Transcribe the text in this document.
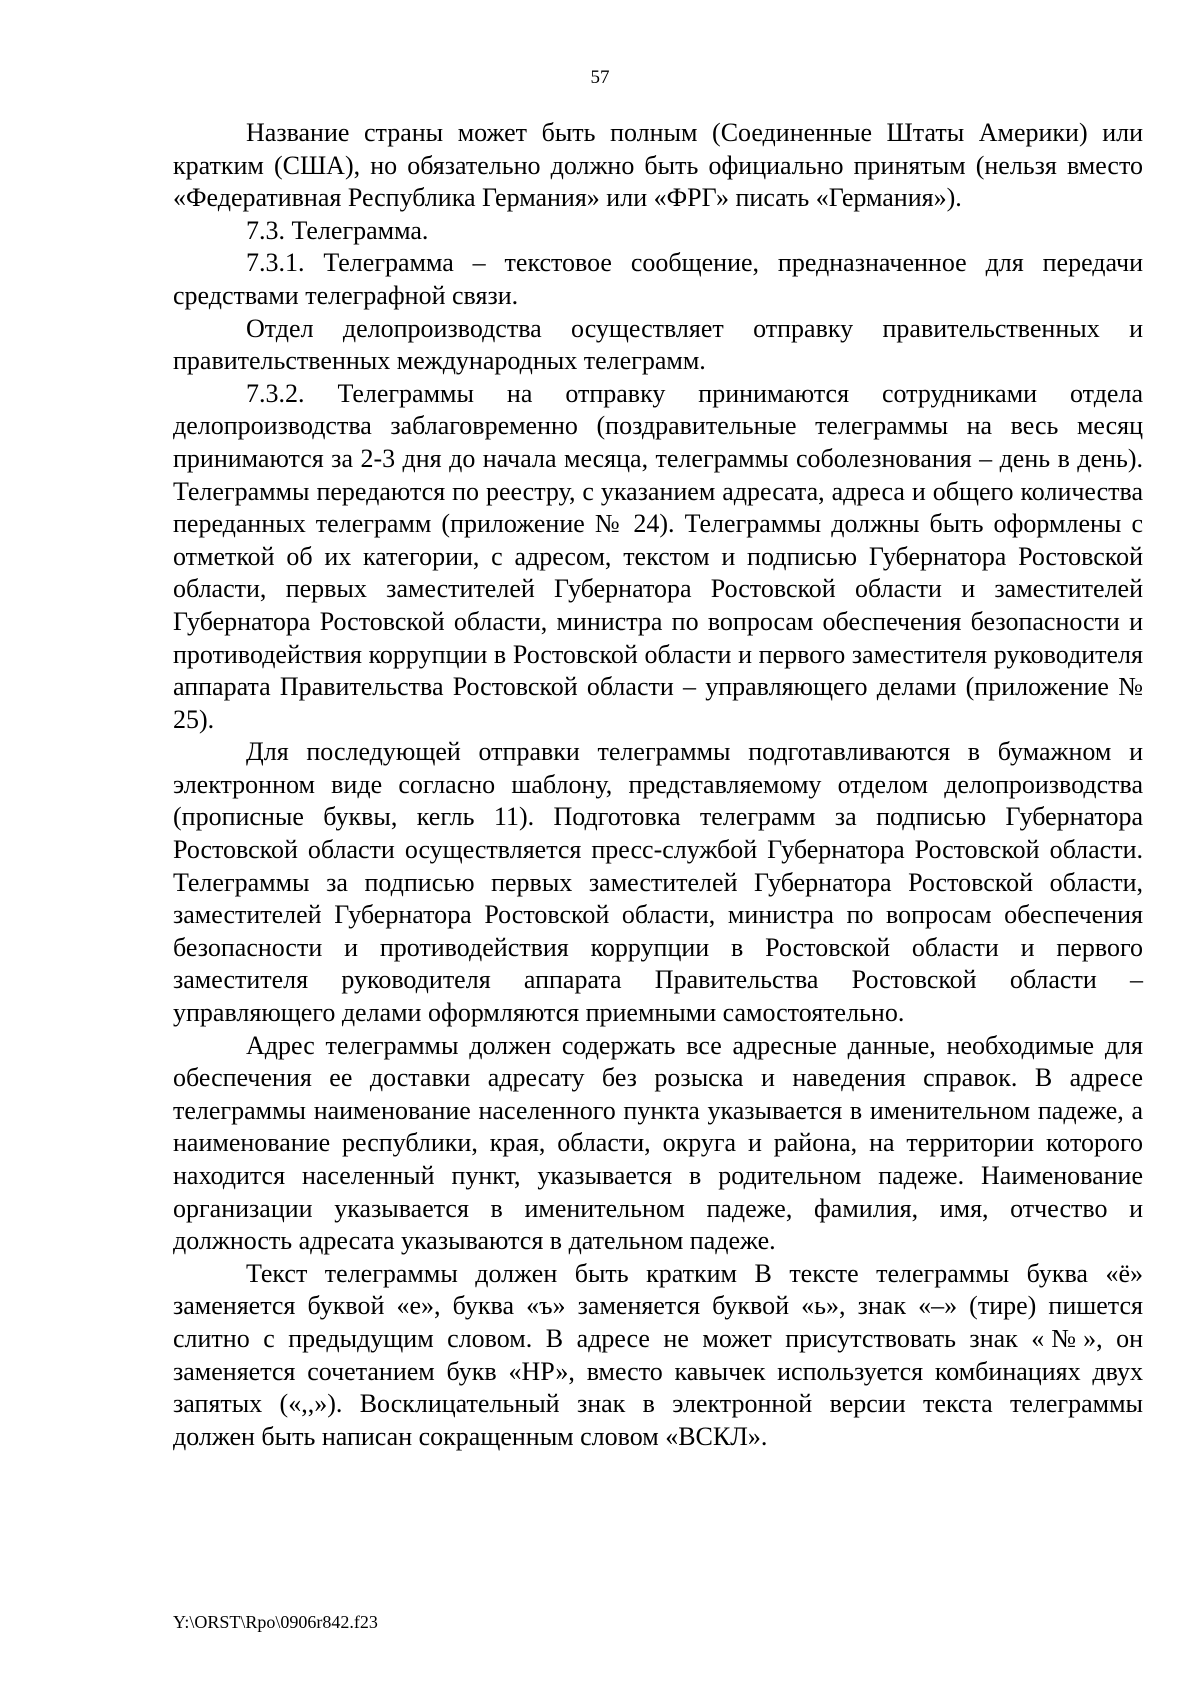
57

Название страны может быть полным (Соединенные Штаты Америки) или кратким (США), но обязательно должно быть официально принятым (нельзя вместо «Федеративная Республика Германия» или «ФРГ» писать «Германия»).

7.3. Телеграмма.

7.3.1. Телеграмма – текстовое сообщение, предназначенное для передачи средствами телеграфной связи.

Отдел делопроизводства осуществляет отправку правительственных и правительственных международных телеграмм.

7.3.2. Телеграммы на отправку принимаются сотрудниками отдела делопроизводства заблаговременно (поздравительные телеграммы на весь месяц принимаются за 2-3 дня до начала месяца, телеграммы соболезнования – день в день). Телеграммы передаются по реестру, с указанием адресата, адреса и общего количества переданных телеграмм (приложение № 24). Телеграммы должны быть оформлены с отметкой об их категории, с адресом, текстом и подписью Губернатора Ростовской области, первых заместителей Губернатора Ростовской области и заместителей Губернатора Ростовской области, министра по вопросам обеспечения безопасности и противодействия коррупции в Ростовской области и первого заместителя руководителя аппарата Правительства Ростовской области – управляющего делами (приложение № 25).

Для последующей отправки телеграммы подготавливаются в бумажном и электронном виде согласно шаблону, представляемому отделом делопроизводства (прописные буквы, кегль 11). Подготовка телеграмм за подписью Губернатора Ростовской области осуществляется пресс-службой Губернатора Ростовской области. Телеграммы за подписью первых заместителей Губернатора Ростовской области, заместителей Губернатора Ростовской области, министра по вопросам обеспечения безопасности и противодействия коррупции в Ростовской области и первого заместителя руководителя аппарата Правительства Ростовской области – управляющего делами оформляются приемными самостоятельно.

Адрес телеграммы должен содержать все адресные данные, необходимые для обеспечения ее доставки адресату без розыска и наведения справок. В адресе телеграммы наименование населенного пункта указывается в именительном падеже, а наименование республики, края, области, округа и района, на территории которого находится населенный пункт, указывается в родительном падеже. Наименование организации указывается в именительном падеже, фамилия, имя, отчество и должность адресата указываются в дательном падеже.

Текст телеграммы должен быть кратким В тексте телеграммы буква «ё» заменяется буквой «е», буква «ъ» заменяется буквой «ь», знак «–» (тире) пишется слитно с предыдущим словом. В адресе не может присутствовать знак «№», он заменяется сочетанием букв «НР», вместо кавычек используется комбинациях двух запятых («,,»). Восклицательный знак в электронной версии текста телеграммы должен быть написан сокращенным словом «ВСКЛ».

Y:\ORST\Rpo\0906r842.f23
